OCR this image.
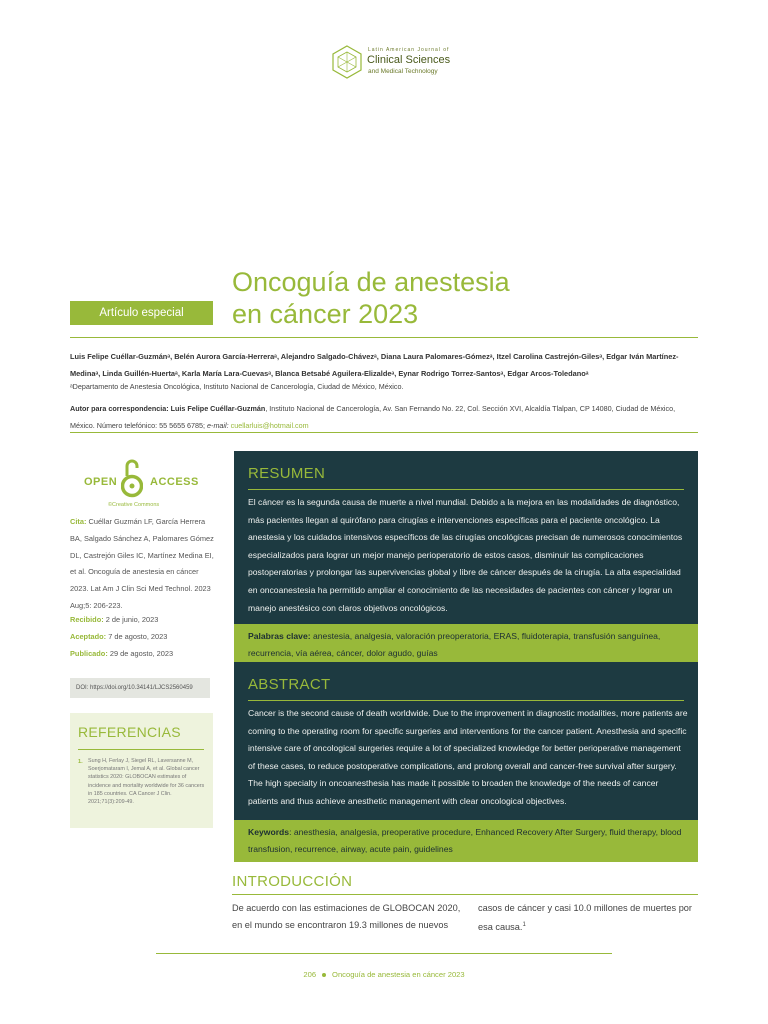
Latin American Journal of
Clinical Sciences
and Medical Technology
Artículo especial
Oncoguía de anestesia
en cáncer 2023
Luis Felipe Cuéllar-Guzmánᵃ, Belén Aurora García-Herreraᵃ, Alejandro Salgado-Chávezᵃ, Diana Laura Palomares-Gómezᵃ, Itzel Carolina Castrejón-Gilesᵃ, Edgar Iván Martínez-Medinaᵃ, Linda Guillén-Huertaᵃ, Karla María Lara-Cuevasᵃ, Blanca Betsabé Aguilera-Elizaldeᵃ, Eynar Rodrigo Torrez-Santosᵃ, Edgar Arcos-Toledanoᵃ
ᵃDepartamento de Anestesia Oncológica, Instituto Nacional de Cancerología, Ciudad de México, México.
Autor para correspondencia: Luis Felipe Cuéllar-Guzmán, Instituto Nacional de Cancerología, Av. San Fernando No. 22, Col. Sección XVI, Alcaldía Tlalpan, CP 14080, Ciudad de México, México. Número telefónico: 55 5655 6785; e-mail: cuellarluis@hotmail.com
OPEN	ACCESS
©Creative Commons
Cita: Cuéllar Guzmán LF, García Herrera BA, Salgado Sánchez A, Palomares Gómez DL, Castrejón Giles IC, Martínez Medina EI, et al. Oncoguía de anestesia en cáncer 2023. Lat Am J Clin Sci Med Technol. 2023 Aug;5: 206-223.
Recibido: 2 de junio, 2023
Aceptado: 7 de agosto, 2023
Publicado: 29 de agosto, 2023
DOI: https://doi.org/10.34141/LJCS2560459
REFERENCIAS
1. Sung H, Ferlay J, Siegel RL, Laversanne M, Soerjomataram I, Jemal A, et al. Global cancer statistics 2020: GLOBOCAN estimates of incidence and mortality worldwide for 36 cancers in 185 countries. CA Cancer J Clin. 2021;71(3):209-49.
RESUMEN

El cáncer es la segunda causa de muerte a nivel mundial. Debido a la mejora en las modalidades de diagnóstico, más pacientes llegan al quirófano para cirugías e intervenciones específicas para el paciente oncológico. La anestesia y los cuidados intensivos específicos de las cirugías oncológicas precisan de numerosos conocimientos especializados para lograr un mejor manejo perioperatorio de estos casos, disminuir las complicaciones postoperatorias y prolongar las supervivencias global y libre de cáncer después de la cirugía. La alta especialidad en oncoanestesia ha permitido ampliar el conocimiento de las necesidades de pacientes con cáncer y lograr un manejo anestésico con claros objetivos oncológicos.

Palabras clave: anestesia, analgesia, valoración preoperatoria, ERAS, fluidoterapia, transfusión sanguínea, recurrencia, vía aérea, cáncer, dolor agudo, guías
ABSTRACT

Cancer is the second cause of death worldwide. Due to the improvement in diagnostic modalities, more patients are coming to the operating room for specific surgeries and interventions for the cancer patient. Anesthesia and specific intensive care of oncological surgeries require a lot of specialized knowledge for better perioperative management of these cases, to reduce postoperative complications, and prolong overall and cancer-free survival after surgery. The high specialty in oncoanesthesia has made it possible to broaden the knowledge of the needs of cancer patients and thus achieve anesthetic management with clear oncological objectives.

Keywords: anesthesia, analgesia, preoperative procedure, Enhanced Recovery After Surgery, fluid therapy, blood transfusion, recurrence, airway, acute pain, guidelines
INTRODUCCIÓN
De acuerdo con las estimaciones de GLOBOCAN 2020, en el mundo se encontraron 19.3 millones de nuevos
casos de cáncer y casi 10.0 millones de muertes por esa causa.$^1$
206 Oncoguía de anestesia en cáncer 2023
